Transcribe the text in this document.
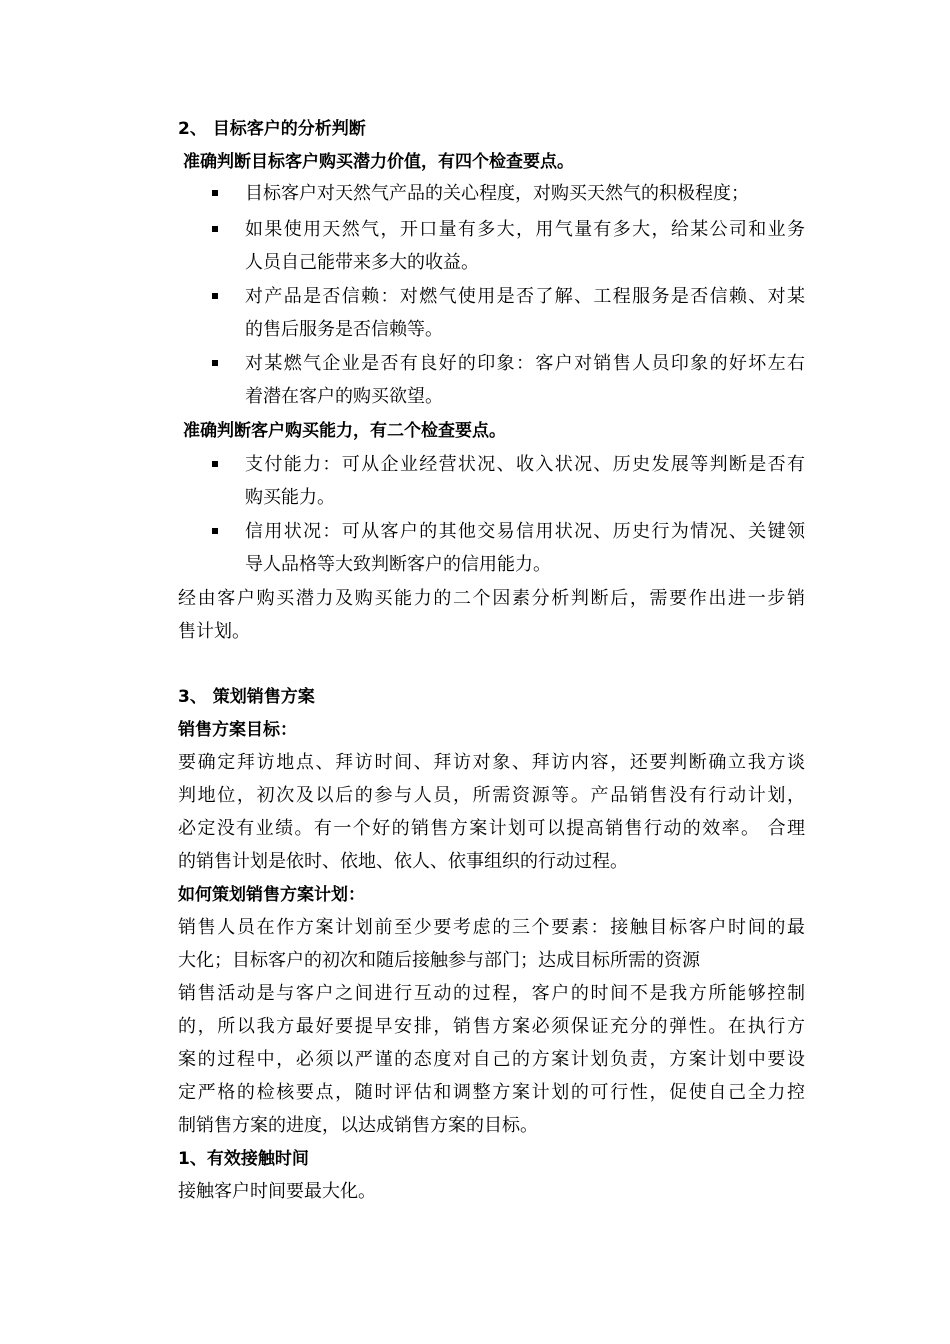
2、 目标客户的分析判断
准确判断目标客户购买潜力价值，有四个检查要点。
目标客户对天然气产品的关心程度，对购买天然气的积极程度；
如果使用天然气，开口量有多大，用气量有多大，给某公司和业务
人员自己能带来多大的收益。
对产品是否信赖：对燃气使用是否了解、工程服务是否信赖、对某
的售后服务是否信赖等。
对某燃气企业是否有良好的印象：客户对销售人员印象的好坏左右
着潜在客户的购买欲望。
准确判断客户购买能力，有二个检查要点。
支付能力：可从企业经营状况、收入状况、历史发展等判断是否有
购买能力。
信用状况：可从客户的其他交易信用状况、历史行为情况、关键领
导人品格等大致判断客户的信用能力。
经由客户购买潜力及购买能力的二个因素分析判断后，需要作出进一步销
售计划。
3、 策划销售方案
销售方案目标：
要确定拜访地点、拜访时间、拜访对象、拜访内容，还要判断确立我方谈
判地位，初次及以后的参与人员，所需资源等。产品销售没有行动计划，
必定没有业绩。有一个好的销售方案计划可以提高销售行动的效率。 合理
的销售计划是依时、依地、依人、依事组织的行动过程。
如何策划销售方案计划：
销售人员在作方案计划前至少要考虑的三个要素：接触目标客户时间的最
大化；目标客户的初次和随后接触参与部门；达成目标所需的资源
销售活动是与客户之间进行互动的过程，客户的时间不是我方所能够控制
的，所以我方最好要提早安排，销售方案必须保证充分的弹性。在执行方
案的过程中，必须以严谨的态度对自己的方案计划负责，方案计划中要设
定严格的检核要点，随时评估和调整方案计划的可行性，促使自己全力控
制销售方案的进度，以达成销售方案的目标。
1、有效接触时间
接触客户时间要最大化。
